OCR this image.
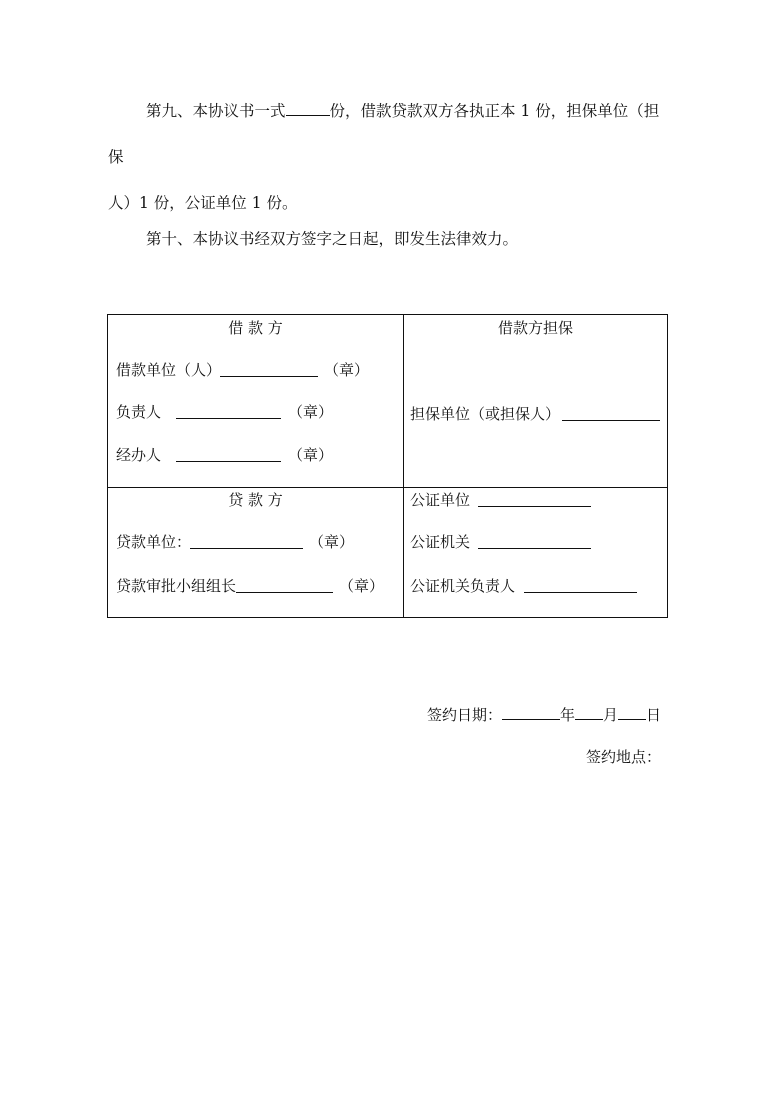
第九、本协议书一式	份，借款贷款双方各执正本 1 份，担保单位（担保
人）1 份，公证单位 1 份。
第十、本协议书经双方签字之日起，即发生法律效力。
借 款 方
借款单位（人）	（章）
负责人	（章）
经办人	（章）
借款方担保
担保单位（或担保人）
贷 款 方
贷款单位：	（章）
贷款审批小组组长	（章）
公证单位
公证机关
公证机关负责人
签约日期：	年 月 日
签约地点：
